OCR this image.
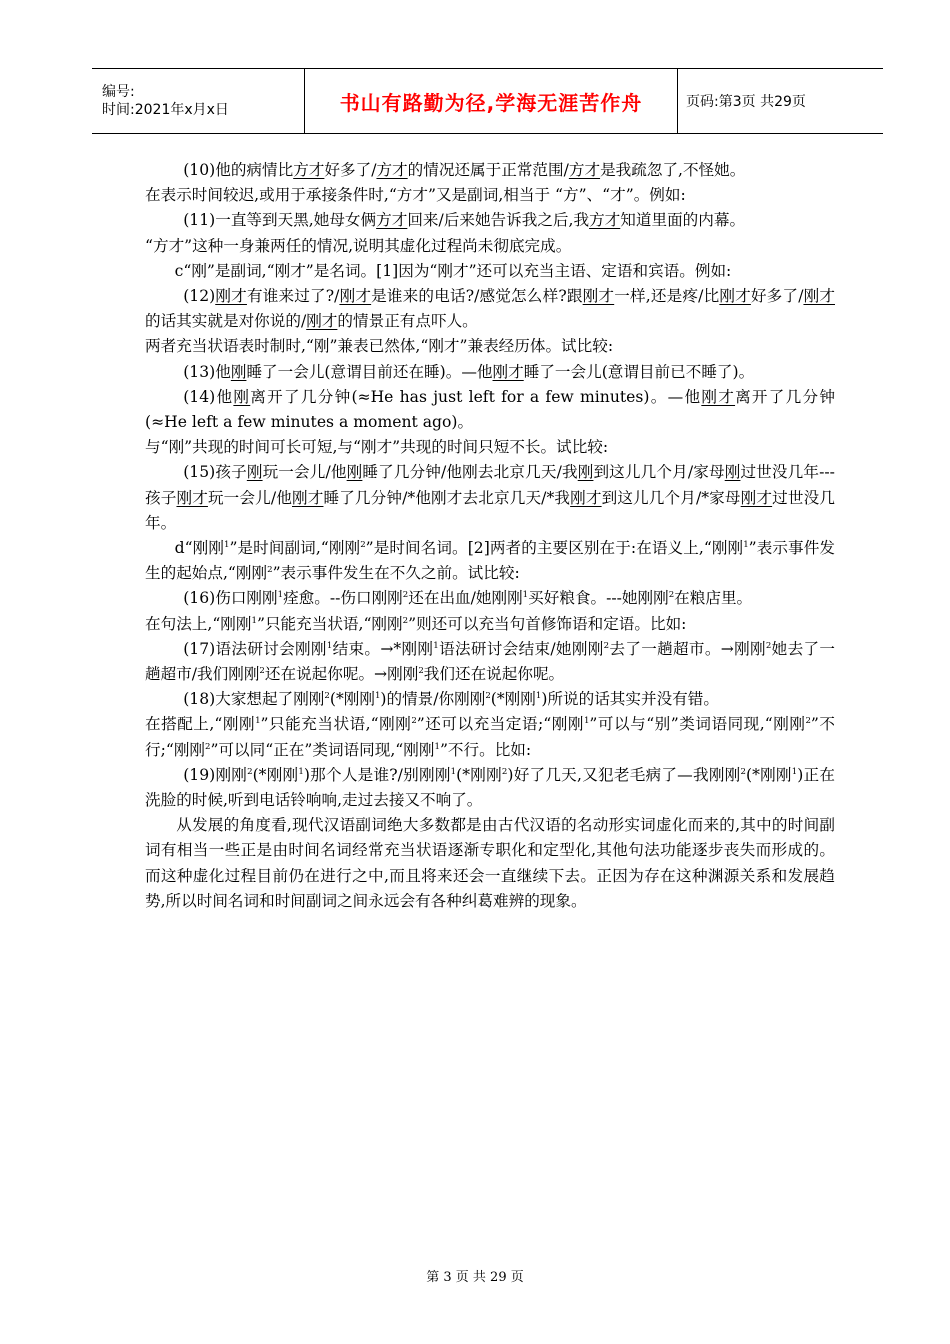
编号:
时间:2021年x月x日	书山有路勤为径,学海无涯苦作舟	页码:第3页 共29页

(10)他的病情比方才好多了/方才的情况还属于正常范围/方才是我疏忽了,不怪她。

在表示时间较迟,或用于承接条件时,“方才”又是副词,相当于 “方”、“才”。例如:

(11)一直等到天黑,她母女俩方才回来/后来她告诉我之后,我方才知道里面的内幕。

“方才”这种一身兼两任的情况,说明其虚化过程尚未彻底完成。

c“刚”是副词,“刚才”是名词。[1]因为“刚才”还可以充当主语、定语和宾语。例如:

(12)刚才有谁来过了?/刚才是谁来的电话?/感觉怎么样?跟刚才一样,还是疼/比刚才好多了/刚才的话其实就是对你说的/刚才的情景正有点吓人。

两者充当状语表时制时,“刚”兼表已然体,“刚才”兼表经历体。试比较:

(13)他刚睡了一会儿(意谓目前还在睡)。—他刚才睡了一会儿(意谓目前已不睡了)。

(14)他刚离开了几分钟(≈He has just left for a few minutes)。—他刚才离开了几分钟(≈He left a few minutes a moment ago)。

与“刚”共现的时间可长可短,与“刚才”共现的时间只短不长。试比较:

(15)孩子刚玩一会儿/他刚睡了几分钟/他刚去北京几天/我刚到这儿几个月/家母刚过世没几年---孩子刚才玩一会儿/他刚才睡了几分钟/*他刚才去北京几天/*我刚才到这儿几个月/*家母刚才过世没几年。

d“刚刚$^1$”是时间副词,“刚刚$^2$”是时间名词。[2]两者的主要区别在于:在语义上,“刚刚$^1$”表示事件发生的起始点,“刚刚$^2$”表示事件发生在不久之前。试比较:

(16)伤口刚刚$^1$痊愈。--伤口刚刚$^2$还在出血/她刚刚$^1$买好粮食。---她刚刚$^2$在粮店里。

在句法上,“刚刚$^1$”只能充当状语,“刚刚$^2$”则还可以充当句首修饰语和定语。比如:

(17)语法研讨会刚刚$^1$结束。→*刚刚$^1$语法研讨会结束/她刚刚$^2$去了一趟超市。→刚刚$^2$她去了一趟超市/我们刚刚$^2$还在说起你呢。→刚刚$^2$我们还在说起你呢。

(18)大家想起了刚刚$^2$(*刚刚$^1$)的情景/你刚刚$^2$(*刚刚$^1$)所说的话其实并没有错。

在搭配上,“刚刚$^1$”只能充当状语,“刚刚$^2$”还可以充当定语;“刚刚$^1$”可以与“别”类词语同现,“刚刚$^2$”不行;“刚刚$^2$”可以同“正在”类词语同现,“刚刚$^1$”不行。比如:

(19)刚刚$^2$(*刚刚$^1$)那个人是谁?/别刚刚$^1$(*刚刚$^2$)好了几天,又犯老毛病了—我刚刚$^2$(*刚刚$^1$)正在洗脸的时候,听到电话铃响响,走过去接又不响了。

从发展的角度看,现代汉语副词绝大多数都是由古代汉语的名动形实词虚化而来的,其中的时间副词有相当一些正是由时间名词经常充当状语逐渐专职化和定型化,其他句法功能逐步丧失而形成的。而这种虚化过程目前仍在进行之中,而且将来还会一直继续下去。正因为存在这种渊源关系和发展趋势,所以时间名词和时间副词之间永远会有各种纠葛难辨的现象。

第 3 页 共 29 页
